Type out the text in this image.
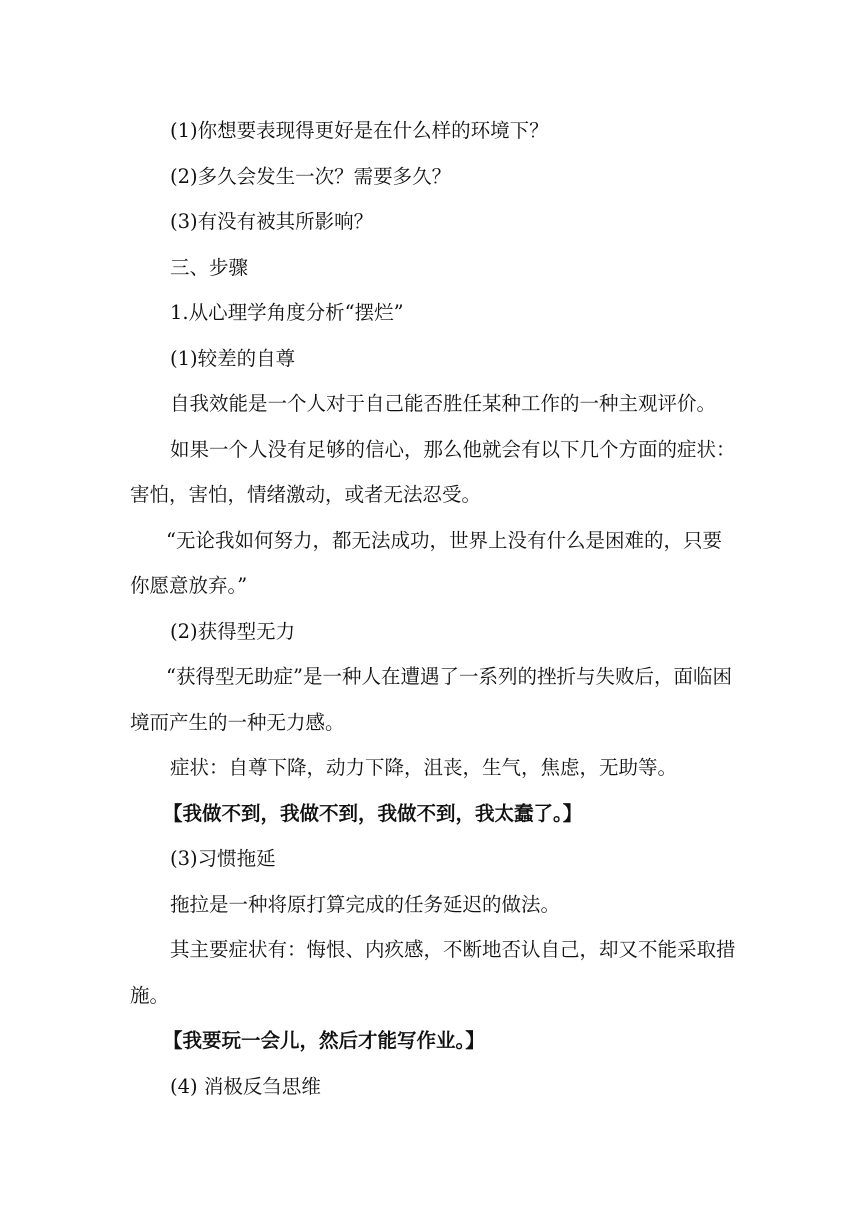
(1)你想要表现得更好是在什么样的环境下？

(2)多久会发生一次？需要多久？

(3)有没有被其所影响？

三、步骤

1.从心理学角度分析“摆烂”

(1)较差的自尊

自我效能是一个人对于自己能否胜任某种工作的一种主观评价。

如果一个人没有足够的信心，那么他就会有以下几个方面的症状：害怕，害怕，情绪激动，或者无法忍受。

“无论我如何努力，都无法成功，世界上没有什么是困难的，只要你愿意放弃。”

(2)获得型无力

“获得型无助症”是一种人在遭遇了一系列的挫折与失败后，面临困境而产生的一种无力感。

症状：自尊下降，动力下降，沮丧，生气，焦虑，无助等。

【我做不到，我做不到，我做不到，我太蠢了。】

(3)习惯拖延

拖拉是一种将原打算完成的任务延迟的做法。

其主要症状有：悔恨、内疚感，不断地否认自己，却又不能采取措施。

【我要玩一会儿，然后才能写作业。】

(4) 消极反刍思维
